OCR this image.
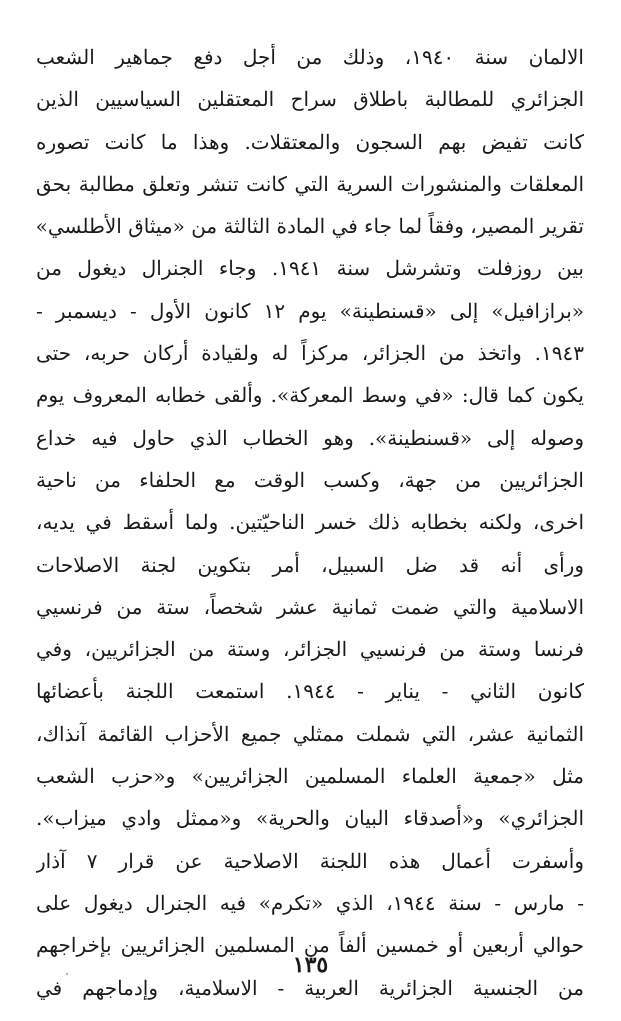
الالمان سنة ١٩٤٠، وذلك من أجل دفع جماهير الشعب
الجزائري للمطالبة باطلاق سراح المعتقلين السياسيين الذين
كانت تفيض بهم السجون والمعتقلات. وهذا ما كانت تصوره
المعلقات والمنشورات السرية التي كانت تنشر وتعلق مطالبة بحق
تقرير المصير، وفقاً لما جاء في المادة الثالثة من «ميثاق الأطلسي»
بين روزفلت وتشرشل سنة ١٩٤١. وجاء الجنرال ديغول من
«برازافيل» إلى «قسنطينة» يوم ١٢ كانون الأول - ديسمبر -
١٩٤٣. واتخذ من الجزائر، مركزاً له ولقيادة أركان حربه، حتى
يكون كما قال: «في وسط المعركة». وألقى خطابه المعروف يوم
وصوله إلى «قسنطينة». وهو الخطاب الذي حاول فيه خداع
الجزائريين من جهة، وكسب الوقت مع الحلفاء من ناحية
اخرى، ولكنه بخطابه ذلك خسر الناحيّتين. ولما أسقط في يديه،
ورأى أنه قد ضل السبيل، أمر بتكوين لجنة الاصلاحات
الاسلامية والتي ضمت ثمانية عشر شخصاً، ستة من فرنسيي
فرنسا وستة من فرنسيي الجزائر، وستة من الجزائريين، وفي
كانون الثاني - يناير - ١٩٤٤. استمعت اللجنة بأعضائها
الثمانية عشر، التي شملت ممثلي جميع الأحزاب القائمة آنذاك،
مثل «جمعية العلماء المسلمين الجزائريين» و«حزب الشعب
الجزائري» و«أصدقاء البيان والحرية» و«ممثل وادي ميزاب».
وأسفرت أعمال هذه اللجنة الاصلاحية عن قرار ٧ آذار
- مارس - سنة ١٩٤٤، الذي «تكرم» فيه الجنرال ديغول على
حوالي أربعين أو خمسين ألفاً من المسلمين الجزائريين بإخراجهم
من الجنسية الجزائرية العربية - الاسلامية، وإدماجهم في
١٣٥
